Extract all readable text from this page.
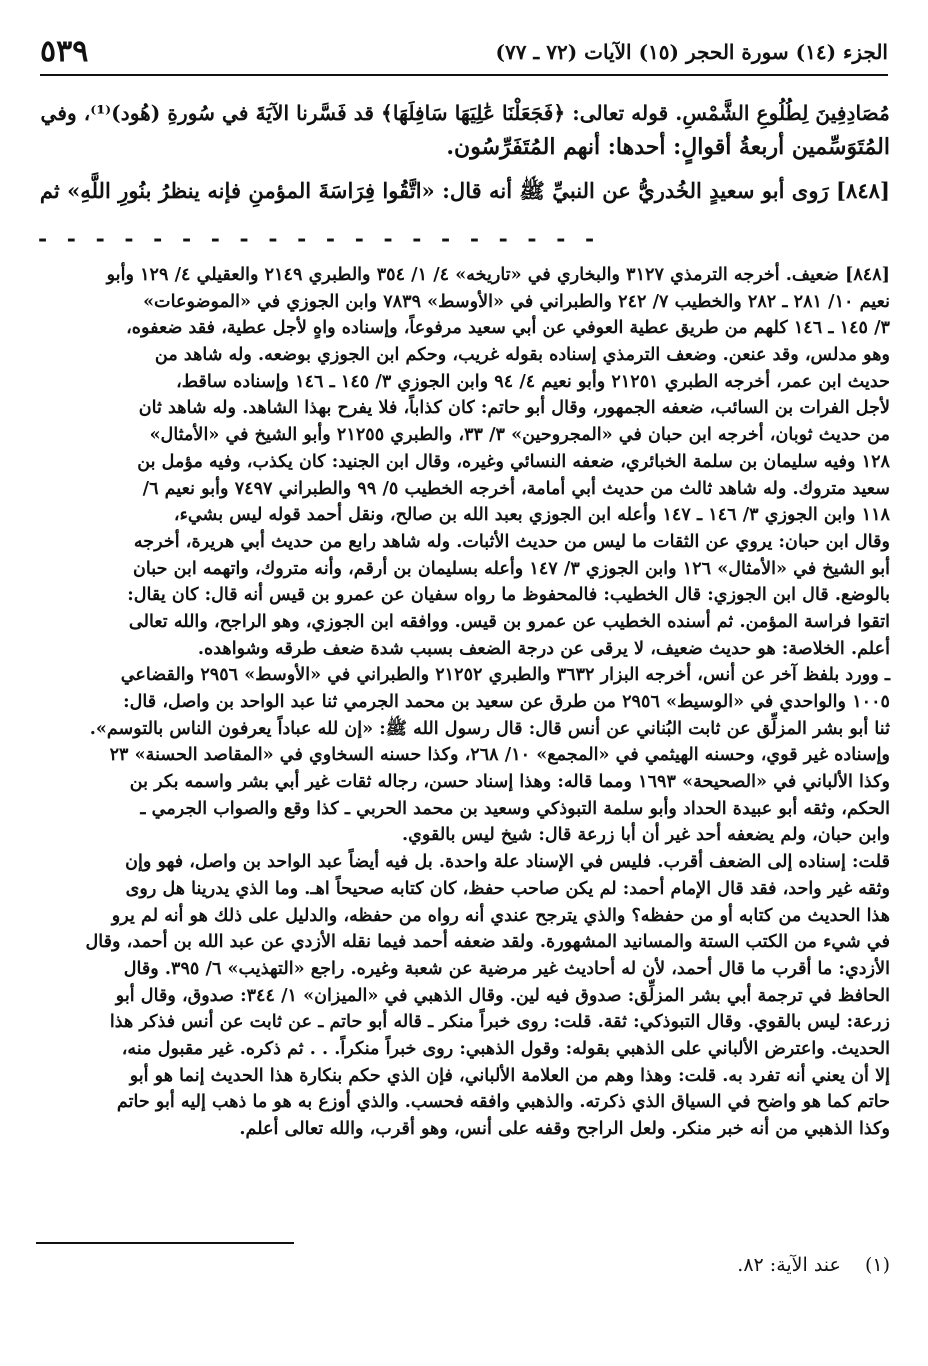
الجزء (١٤) سورة الحجر (١٥) الآيات (٧٢ ـ ٧٧)
٥٣٩

مُصَادِفِينَ لِطُلُوعِ الشَّمْسِ. قوله تعالى: ﴿فَجَعَلْنَا عَٰلِيَهَا سَافِلَهَا﴾ قد فَسَّرنا الآيَةَ في سُورةِ (هُود)⁽¹⁾، وفي

المُتَوَسِّمين أربعةُ أقوالٍ: أحدها: أنهم المُتَفَرِّسُون.

[٨٤٨] رَوى أبو سعيدٍ الخُدريُّ عن النبيِّ ﷺ أنه قال: «اتَّقُوا فِرَاسَةَ المؤمنِ فإنه ينظرُ بنُورِ اللَّهِ» ثم

- - - - - - - - - - - - - - - - - - - -
[٨٤٨] ضعيف. أخرجه الترمذي ٣١٢٧ والبخاري في «تاريخه» ٤/ ١/ ٣٥٤ والطبري ٢١٤٩ والعقيلي ٤/ ١٢٩ وأبو
نعيم ١٠/ ٢٨١ ـ ٢٨٢ والخطيب ٧/ ٢٤٢ والطبراني في «الأوسط» ٧٨٣٩ وابن الجوزي في «الموضوعات»
٣/ ١٤٥ ـ ١٤٦ كلهم من طريق عطية العوفي عن أبي سعيد مرفوعاً، وإسناده واهٍ لأجل عطية، فقد ضعفوه،
وهو مدلس، وقد عنعن. وضعف الترمذي إسناده بقوله غريب، وحكم ابن الجوزي بوضعه. وله شاهد من
حديث ابن عمر، أخرجه الطبري ٢١٢٥١ وأبو نعيم ٤/ ٩٤ وابن الجوزي ٣/ ١٤٥ ـ ١٤٦ وإسناده ساقط،
لأجل الفرات بن السائب، ضعفه الجمهور، وقال أبو حاتم: كان كذاباً، فلا يفرح بهذا الشاهد. وله شاهد ثان
من حديث ثوبان، أخرجه ابن حبان في «المجروحين» ٣/ ٣٣، والطبري ٢١٢٥٥ وأبو الشيخ في «الأمثال»
١٢٨ وفيه سليمان بن سلمة الخبائري، ضعفه النسائي وغيره، وقال ابن الجنيد: كان يكذب، وفيه مؤمل بن
سعيد متروك. وله شاهد ثالث من حديث أبي أمامة، أخرجه الخطيب ٥/ ٩٩ والطبراني ٧٤٩٧ وأبو نعيم ٦/
١١٨ وابن الجوزي ٣/ ١٤٦ ـ ١٤٧ وأعله ابن الجوزي بعبد الله بن صالح، ونقل أحمد قوله ليس بشيء،
وقال ابن حبان: يروي عن الثقات ما ليس من حديث الأثبات. وله شاهد رابع من حديث أبي هريرة، أخرجه
أبو الشيخ في «الأمثال» ١٢٦ وابن الجوزي ٣/ ١٤٧ وأعله بسليمان بن أرقم، وأنه متروك، واتهمه ابن حبان
بالوضع. قال ابن الجوزي: قال الخطيب: فالمحفوظ ما رواه سفيان عن عمرو بن قيس أنه قال: كان يقال:
اتقوا فراسة المؤمن. ثم أسنده الخطيب عن عمرو بن قيس. ووافقه ابن الجوزي، وهو الراجح، والله تعالى
أعلم. الخلاصة: هو حديث ضعيف، لا يرقى عن درجة الضعف بسبب شدة ضعف طرقه وشواهده.
ـ وورد بلفظ آخر عن أنس، أخرجه البزار ٣٦٣٢ والطبري ٢١٢٥٢ والطبراني في «الأوسط» ٢٩٥٦ والقضاعي
١٠٠٥ والواحدي في «الوسيط» ٢٩٥٦ من طرق عن سعيد بن محمد الجرمي ثنا عبد الواحد بن واصل، قال:
ثنا أبو بشر المزلِّق عن ثابت البُناني عن أنس قال: قال رسول الله ﷺ: «إن لله عباداً يعرفون الناس بالتوسم».
وإسناده غير قوي، وحسنه الهيثمي في «المجمع» ١٠/ ٢٦٨، وكذا حسنه السخاوي في «المقاصد الحسنة» ٢٣
وكذا الألباني في «الصحيحة» ١٦٩٣ ومما قاله: وهذا إسناد حسن، رجاله ثقات غير أبي بشر واسمه بكر بن
الحكم، وثقه أبو عبيدة الحداد وأبو سلمة التبوذكي وسعيد بن محمد الحربي ـ كذا وقع والصواب الجرمي ـ
وابن حبان، ولم يضعفه أحد غير أن أبا زرعة قال: شيخ ليس بالقوي.
قلت: إسناده إلى الضعف أقرب. فليس في الإسناد علة واحدة. بل فيه أيضاً عبد الواحد بن واصل، فهو وإن
وثقه غير واحد، فقد قال الإمام أحمد: لم يكن صاحب حفظ، كان كتابه صحيحاً اهـ. وما الذي يدرينا هل روى
هذا الحديث من كتابه أو من حفظه؟ والذي يترجح عندي أنه رواه من حفظه، والدليل على ذلك هو أنه لم يرو
في شيء من الكتب الستة والمسانيد المشهورة. ولقد ضعفه أحمد فيما نقله الأزدي عن عبد الله بن أحمد، وقال
الأزدي: ما أقرب ما قال أحمد، لأن له أحاديث غير مرضية عن شعبة وغيره. راجع «التهذيب» ٦/ ٣٩٥. وقال
الحافظ في ترجمة أبي بشر المزلِّق: صدوق فيه لين. وقال الذهبي في «الميزان» ١/ ٣٤٤: صدوق، وقال أبو
زرعة: ليس بالقوي. وقال التبوذكي: ثقة. قلت: روى خبراً منكر ـ قاله أبو حاتم ـ عن ثابت عن أنس فذكر هذا
الحديث. واعترض الألباني على الذهبي بقوله: وقول الذهبي: روى خبراً منكراً. . . ثم ذكره. غير مقبول منه،
إلا أن يعني أنه تفرد به. قلت: وهذا وهم من العلامة الألباني، فإن الذي حكم بنكارة هذا الحديث إنما هو أبو
حاتم كما هو واضح في السياق الذي ذكرته. والذهبي وافقه فحسب. والذي أوزع به هو ما ذهب إليه أبو حاتم
وكذا الذهبي من أنه خبر منكر. ولعل الراجح وقفه على أنس، وهو أقرب، والله تعالى أعلم.
(١) عند الآية: ٨٢.
